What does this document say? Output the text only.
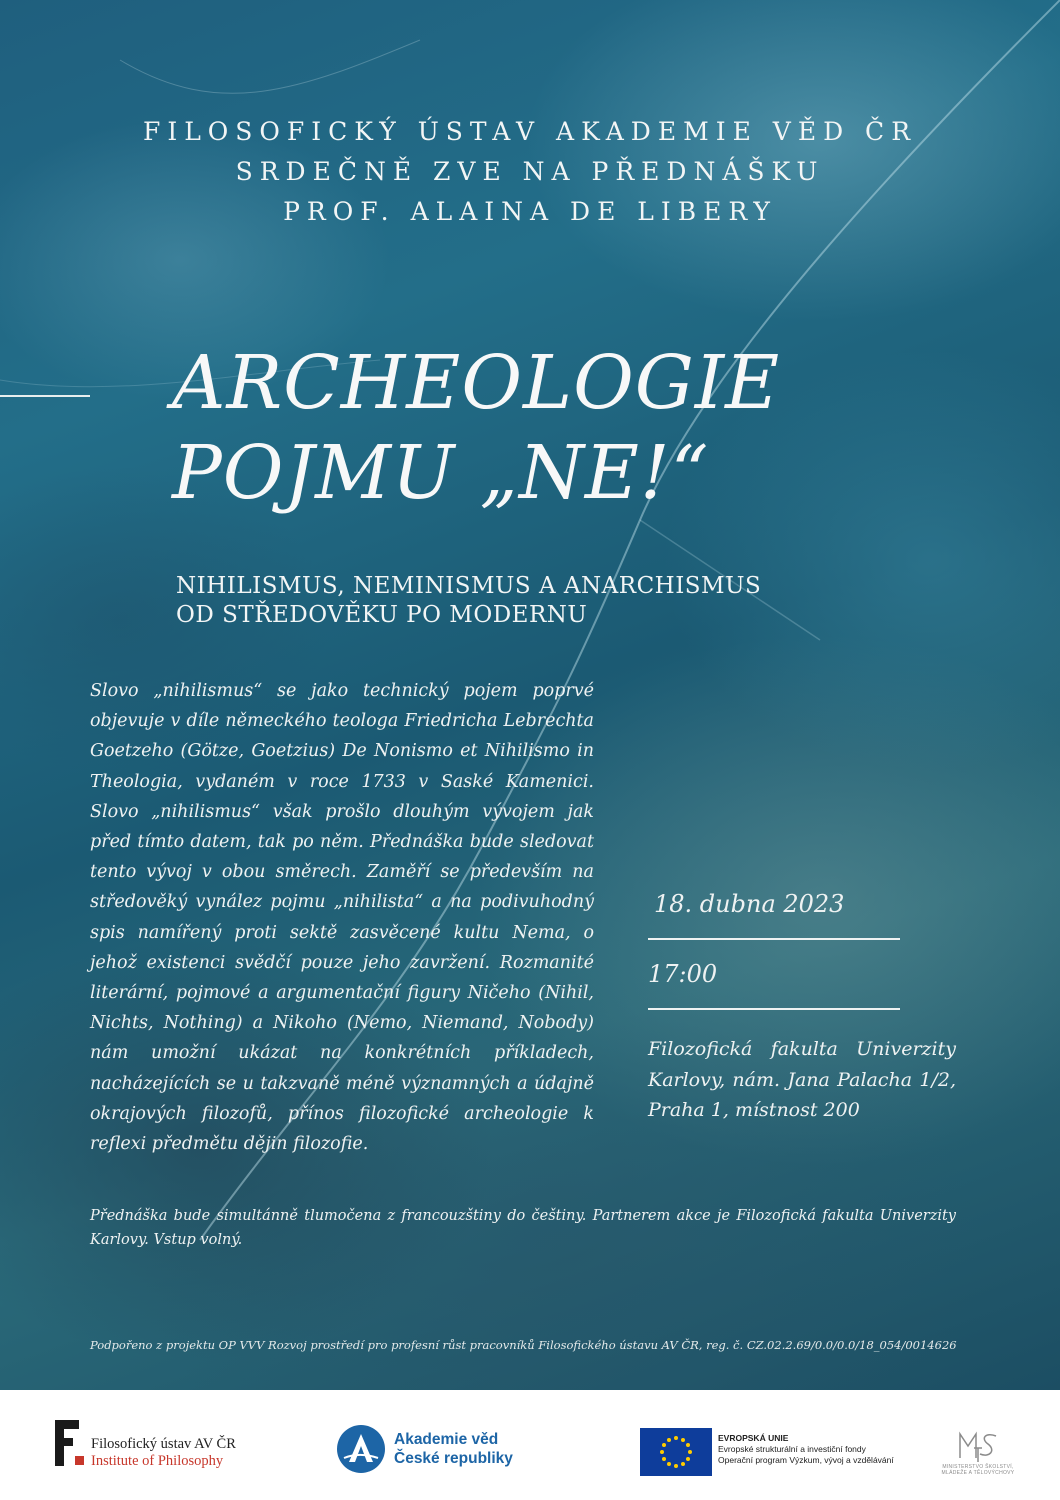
FILOSOFICKÝ ÚSTAV AKADEMIE VĚD ČR
SRDEČNĚ ZVE NA PŘEDNÁŠKU
PROF. ALAINA DE LIBERY
ARCHEOLOGIE
POJMU „NE!“
NIHILISMUS, NEMINISMUS A ANARCHISMUS
OD STŘEDOVĚKU PO MODERNU
Slovo „nihilismus“ se jako technický pojem poprvé objevuje v díle německého teologa Friedricha Lebrechta Goetzeho (Götze, Goetzius) De Nonismo et Nihilismo in Theologia, vydaném v roce 1733 v Saské Kamenici. Slovo „nihilismus“ však prošlo dlouhým vývojem jak před tímto datem, tak po něm. Přednáška bude sledovat tento vývoj v obou směrech. Zaměří se především na středověký vynález pojmu „nihilista“ a na podivuhodný spis namířený proti sektě zasvěcené kultu Nema, o jehož existenci svědčí pouze jeho zavržení. Rozmanité literární, pojmové a argumentační figury Ničeho (Nihil, Nichts, Nothing) a Nikoho (Nemo, Niemand, Nobody) nám umožní ukázat na konkrétních příkladech, nacházejících se u takzvaně méně významných a údajně okrajových filozofů, přínos filozofické archeologie k reflexi předmětu dějin filozofie.
18. dubna 2023
17:00
Filozofická fakulta Univerzity Karlovy, nám. Jana Palacha 1/2, Praha 1, místnost 200
Přednáška bude simultánně tlumočena z francouzštiny do češtiny. Partnerem akce je Filozofická fakulta Univerzity Karlovy. Vstup volný.
Podpořeno z projektu OP VVV Rozvoj prostředí pro profesní růst pracovníků Filosofického ústavu AV ČR, reg. č. CZ.02.2.69/0.0/0.0/18_054/0014626
Filosofický ústav AV ČR
Institute of Philosophy
Akademie věd
České republiky
EVROPSKÁ UNIE
Evropské strukturální a investiční fondy
Operační program Výzkum, vývoj a vzdělávání
MINISTERSTVO ŠKOLSTVÍ,
MLÁDEŽE A TĚLOVÝCHOVY
